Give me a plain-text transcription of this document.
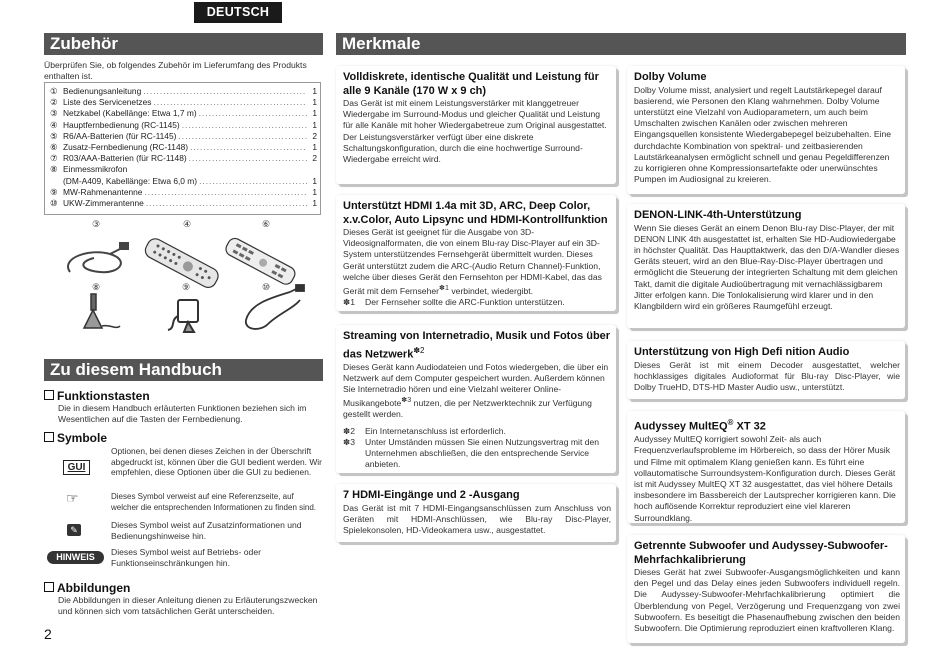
DEUTSCH
Zubehör
Überprüfen Sie, ob folgendes Zubehör im Lieferumfang des Produkts enthalten ist.
① Bedienungsanleitung .....	1
② Liste des Servicenetzes .....	1
③ Netzkabel (Kabellänge: Etwa 1,7 m) .....	1
④ Hauptfernbedienung (RC-1145) .....	1
⑤ R6/AA-Batterien (für RC-1145) .....	2
⑥ Zusatz-Fernbedienung (RC-1148) .....	1
⑦ R03/AAA-Batterien (für RC-1148) .....	2
⑧ Einmessmikrofon
(DM-A409, Kabellänge: Etwa 6,0 m) .....	1
⑨ MW-Rahmenantenne .....	1
⑩ UKW-Zimmerantenne .....	1
③	④	⑥
⑧	⑨	⑩
Zu diesem Handbuch
Funktionstasten
Die in diesem Handbuch erläuterten Funktionen beziehen sich im Wesentlichen auf die Tasten der Fernbedienung.
Symbole
GUI
Optionen, bei denen dieses Zeichen in der Überschrift abgedruckt ist, können über die GUI bedient werden. Wir empfehlen, diese Optionen über die GUI zu bedienen.
☞	Dieses Symbol verweist auf eine Referenzseite, auf welcher die entsprechenden Informationen zu finden sind.
✎	Dieses Symbol weist auf Zusatzinformationen und Bedienungshinweise hin.
HINWEIS	Dieses Symbol weist auf Betriebs- oder Funktionseinschränkungen hin.
Abbildungen
Die Abbildungen in dieser Anleitung dienen zu Erläuterungszwecken und können sich vom tatsächlichen Gerät unterscheiden.
2
Merkmale
Volldiskrete, identische Qualität und Leistung für alle 9 Kanäle (170 W x 9 ch)
Das Gerät ist mit einem Leistungsverstärker mit klanggetreuer Wiedergabe im Surround-Modus und gleicher Qualität und Leistung für alle Kanäle mit hoher Wiedergabetreue zum Original ausgestattet. Der Leistungsverstärker verfügt über eine diskrete Schaltungskonfiguration, durch die eine hochwertige Surround-Wiedergabe erreicht wird.
Unterstützt HDMI 1.4a mit 3D, ARC, Deep Color, x.v.Color, Auto Lipsync und HDMI-Kontrollfunktion
Dieses Gerät ist geeignet für die Ausgabe von 3D-Videosignalformaten, die von einem Blu-ray Disc-Player auf ein 3D-System unterstützendes Fernsehgerät übermittelt wurden. Dieses Gerät unterstützt zudem die ARC-(Audio Return Channel)-Funktion, welche über dieses Gerät den Fernsehton per HDMI-Kabel, das das Gerät mit dem Fernseher$^{✽1}$ verbindet, wiedergibt.
✽1	Der Fernseher sollte die ARC-Funktion unterstützen.
Streaming von Internetradio, Musik und Fotos über das Netzwerk$^{✽2}$
Dieses Gerät kann Audiodateien und Fotos wiedergeben, die über ein Netzwerk auf dem Computer gespeichert wurden. Außerdem können Sie Internetradio hören und eine Vielzahl weiterer Online-Musikangebote$^{✽3}$ nutzen, die per Netzwerktechnik zur Verfügung gestellt werden.
✽2	Ein Internetanschluss ist erforderlich.
✽3	Unter Umständen müssen Sie einen Nutzungsvertrag mit den Unternehmen abschließen, die den entsprechende Service anbieten.
7 HDMI-Eingänge und 2 -Ausgang
Das Gerät ist mit 7 HDMI-Eingangsanschlüssen zum Anschluss von Geräten mit HDMI-Anschlüssen, wie Blu-ray Disc-Player, Spielekonsolen, HD-Videokamera usw., ausgestattet.
Dolby Volume
Dolby Volume misst, analysiert und regelt Lautstärkepegel darauf basierend, wie Personen den Klang wahrnehmen. Dolby Volume unterstützt eine Vielzahl von Audioparametern, um auch beim Umschalten zwischen Kanälen oder zwischen mehreren Eingangsquellen konsistente Wiedergabepegel beizubehalten. Eine durchdachte Kombination von spektral- und zeitbasierenden Lautstärkeanalysen ermöglicht schnell und genau Pegeldifferenzen zu korrigieren ohne Kompressionsartefakte oder unerwünschtes Pumpen im Audiosignal zu kreieren.
DENON-LINK-4th-Unterstützung
Wenn Sie dieses Gerät an einem Denon Blu-ray Disc-Player, der mit DENON LINK 4th ausgestattet ist, erhalten Sie HD-Audiowiedergabe in höchster Qualität. Das Haupttaktwerk, das den D/A-Wandler dieses Geräts steuert, wird an den Blue-Ray-Disc-Player übertragen und ermöglicht die Steuerung der integrierten Schaltung mit dem gleichen Takt, damit die digitale Audioübertragung mit vernachlässigbarem Jitter erfolgen kann. Die Tonlokalisierung wird klarer und in den Klangbildern wird ein größeres Raumgefühl erzeugt.
Unterstützung von High Defi nition Audio
Dieses Gerät ist mit einem Decoder ausgestattet, welcher hochklassiges digitales Audioformat für Blu-ray Disc-Player, wie Dolby TrueHD, DTS-HD Master Audio usw., unterstützt.
Audyssey MultEQ® XT 32
Audyssey MultEQ korrigiert sowohl Zeit- als auch Frequenzverlaufsprobleme im Hörbereich, so dass der Hörer Musik und Filme mit optimalem Klang genießen kann. Es führt eine vollautomatische Surroundsystem-Konfiguration durch. Dieses Gerät ist mit Audyssey MultEQ XT 32 ausgestattet, das viel höhere Details insbesondere im Bassbereich der Lautsprecher korrigieren kann. Die hoch auflösende Korrektur reproduziert eine viel klareren Surroundklang.
Getrennte Subwoofer und Audyssey-Subwoofer-Mehrfachkalibrierung
Dieses Gerät hat zwei Subwoofer-Ausgangsmöglichkeiten und kann den Pegel und das Delay eines jeden Subwoofers individuell regeln. Die Audyssey-Subwoofer-Mehrfachkalibrierung optimiert die Überblendung von Pegel, Verzögerung und Frequenzgang von zwei Subwoofern. Es beseitigt die Phasenaufhebung zwischen den beiden Subwoofern. Die Optimierung reproduziert einen kraftvolleren Klang.
